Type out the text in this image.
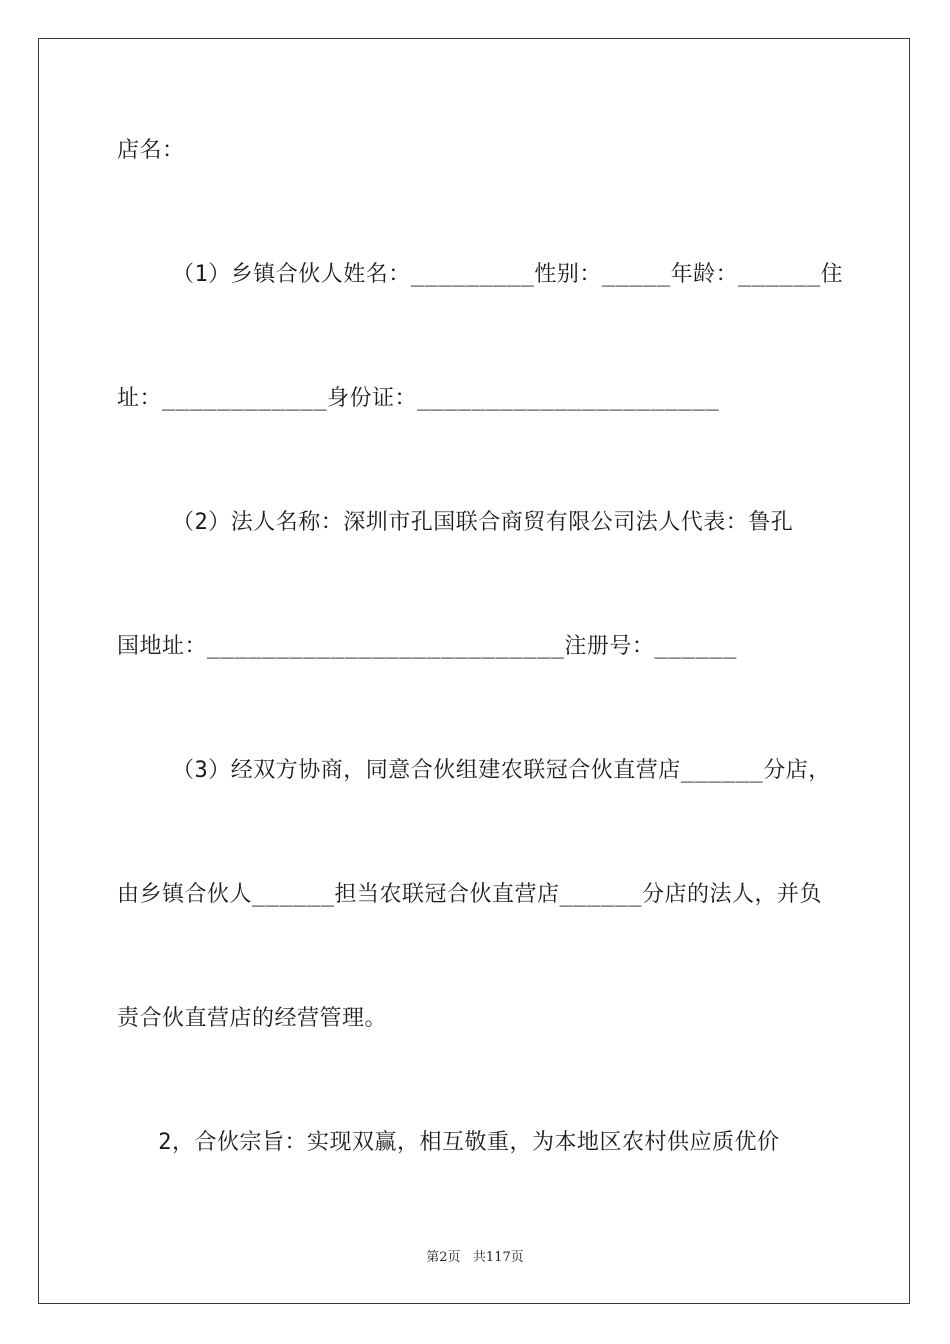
店名：
（1）乡镇合伙人姓名：_________性别：_____年龄：______住
址：____________身份证：______________________
（2）法人名称：深圳市孔国联合商贸有限公司法人代表：鲁孔
国地址：__________________________注册号：______
（3）经双方协商，同意合伙组建农联冠合伙直营店______分店，
由乡镇合伙人______担当农联冠合伙直营店______分店的法人，并负
责合伙直营店的经营管理。
2，合伙宗旨：实现双赢，相互敬重，为本地区农村供应质优价
第2页 共117页
